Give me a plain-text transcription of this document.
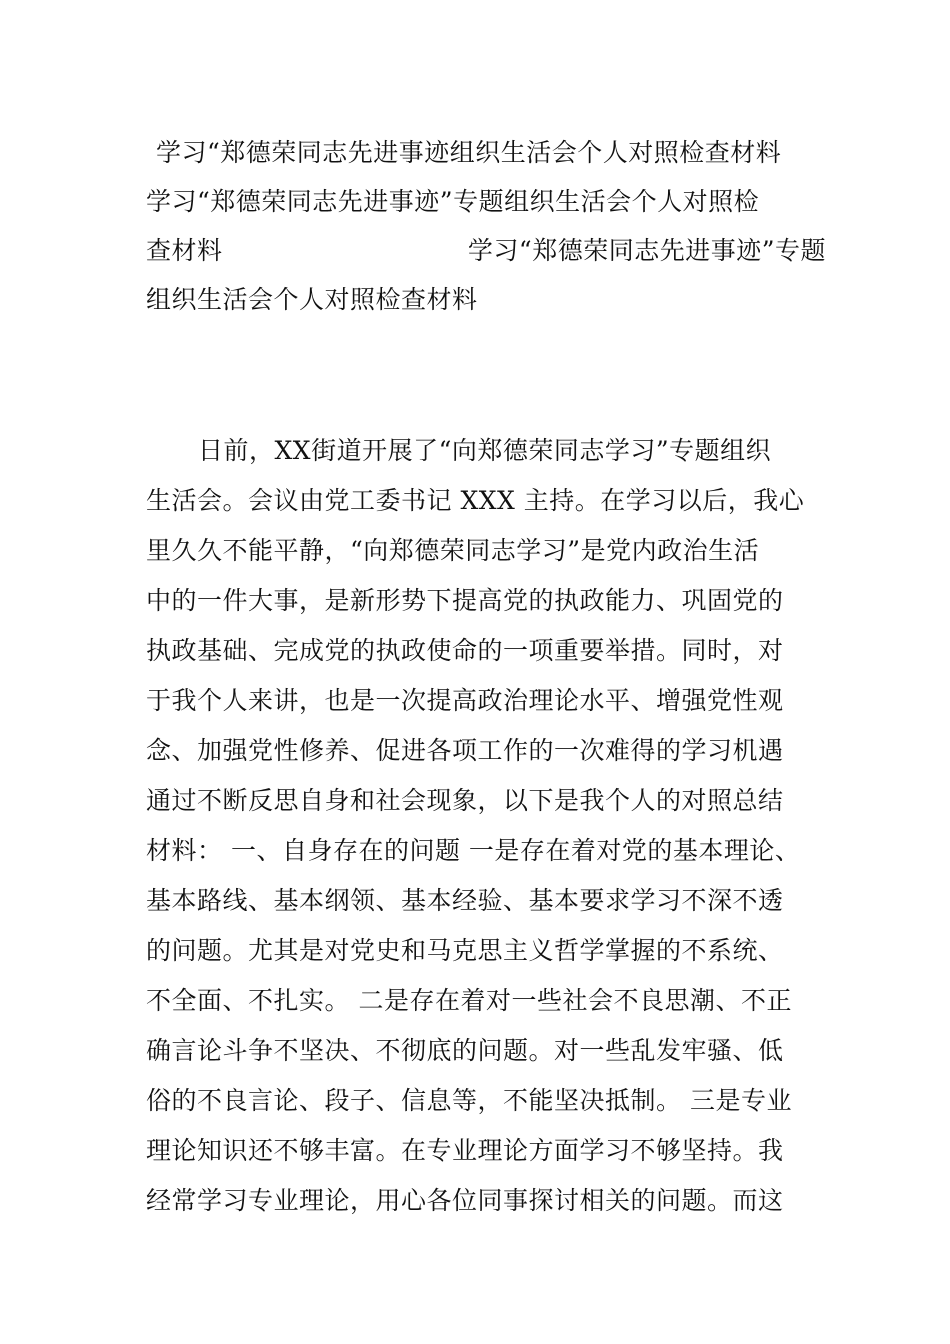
学习“郑德荣同志先进事迹组织生活会个人对照检查材料
学习“郑德荣同志先进事迹”专题组织生活会个人对照检
查材料	学习“郑德荣同志先进事迹”专题
组织生活会个人对照检查材料
日前，XX街道开展了“向郑德荣同志学习”专题组织
生活会。会议由党工委书记 XXX 主持。在学习以后，我心
里久久不能平静，“向郑德荣同志学习”是党内政治生活
中的一件大事，是新形势下提高党的执政能力、巩固党的
执政基础、完成党的执政使命的一项重要举措。同时，对
于我个人来讲，也是一次提高政治理论水平、增强党性观
念、加强党性修养、促进各项工作的一次难得的学习机遇
通过不断反思自身和社会现象，以下是我个人的对照总结
材料： 一、自身存在的问题 一是存在着对党的基本理论、
基本路线、基本纲领、基本经验、基本要求学习不深不透
的问题。尤其是对党史和马克思主义哲学掌握的不系统、
不全面、不扎实。 二是存在着对一些社会不良思潮、不正
确言论斗争不坚决、不彻底的问题。对一些乱发牢骚、低
俗的不良言论、段子、信息等，不能坚决抵制。 三是专业
理论知识还不够丰富。在专业理论方面学习不够坚持。我
经常学习专业理论，用心各位同事探讨相关的问题。而这
